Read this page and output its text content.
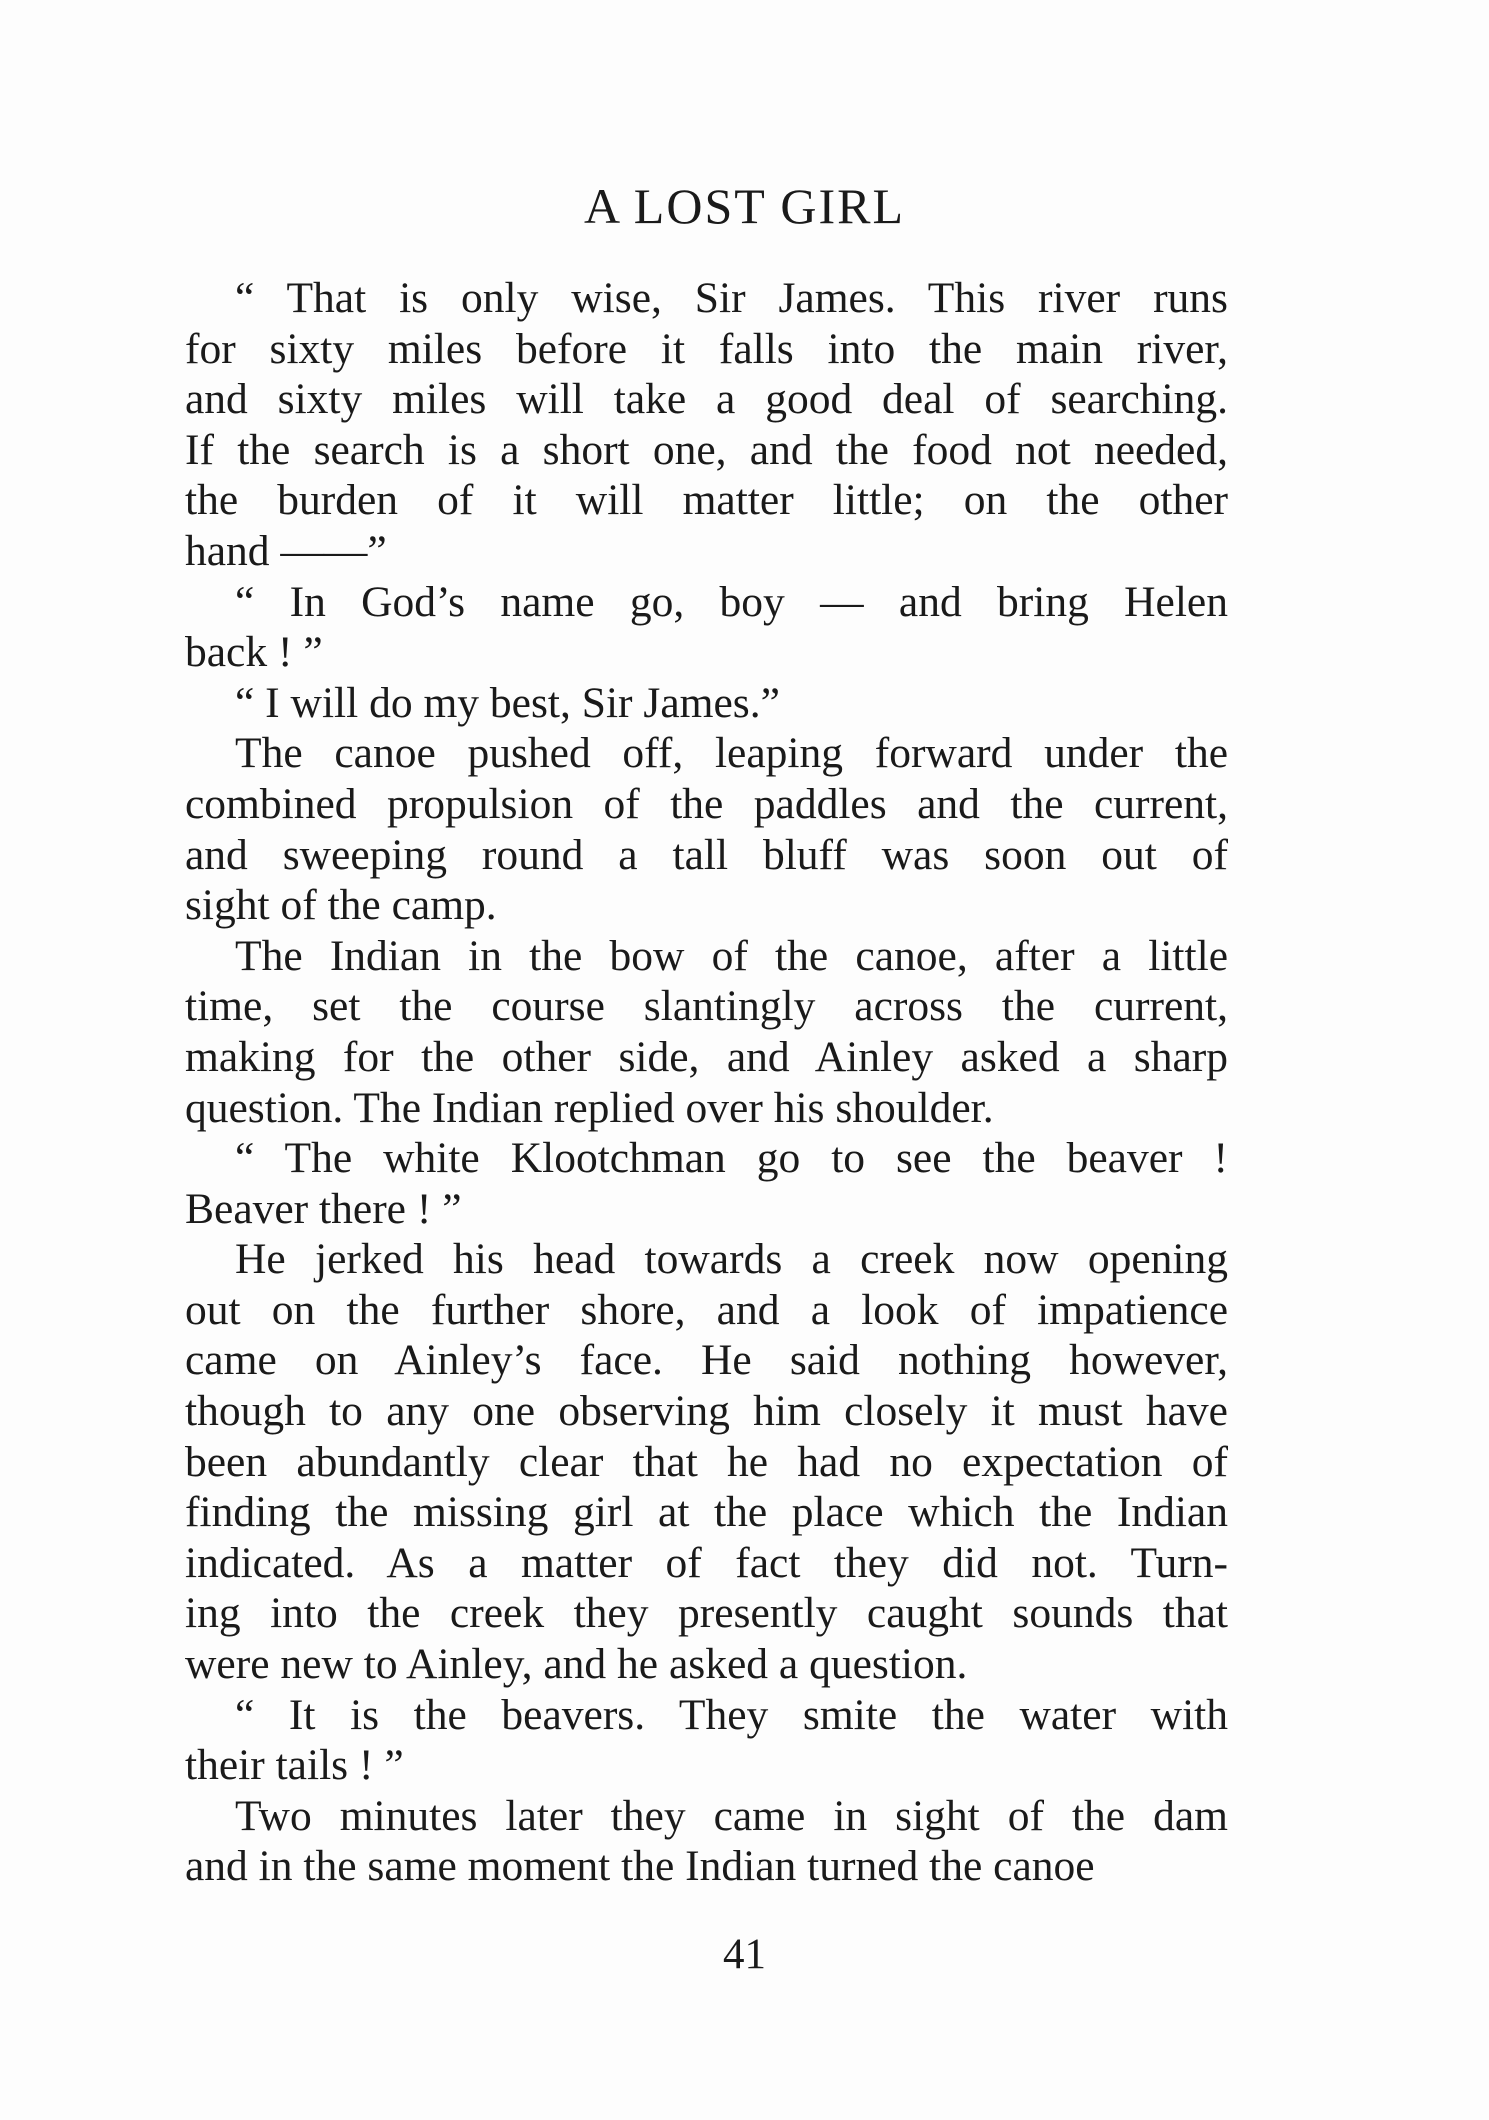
A LOST GIRL
“ That is only wise, Sir James. This river runs
for sixty miles before it falls into the main river,
and sixty miles will take a good deal of searching.
If the search is a short one, and the food not needed,
the burden of it will matter little; on the other
hand ——”
“ In God’s name go, boy — and bring Helen
back ! ”
“ I will do my best, Sir James.”
The canoe pushed off, leaping forward under the
combined propulsion of the paddles and the current,
and sweeping round a tall bluff was soon out of
sight of the camp.
The Indian in the bow of the canoe, after a little
time, set the course slantingly across the current,
making for the other side, and Ainley asked a sharp
question. The Indian replied over his shoulder.
“ The white Klootchman go to see the beaver !
Beaver there ! ”
He jerked his head towards a creek now opening
out on the further shore, and a look of impatience
came on Ainley’s face. He said nothing however,
though to any one observing him closely it must have
been abundantly clear that he had no expectation of
finding the missing girl at the place which the Indian
indicated. As a matter of fact they did not. Turn-
ing into the creek they presently caught sounds that
were new to Ainley, and he asked a question.
“ It is the beavers. They smite the water with
their tails ! ”
Two minutes later they came in sight of the dam
and in the same moment the Indian turned the canoe
41
